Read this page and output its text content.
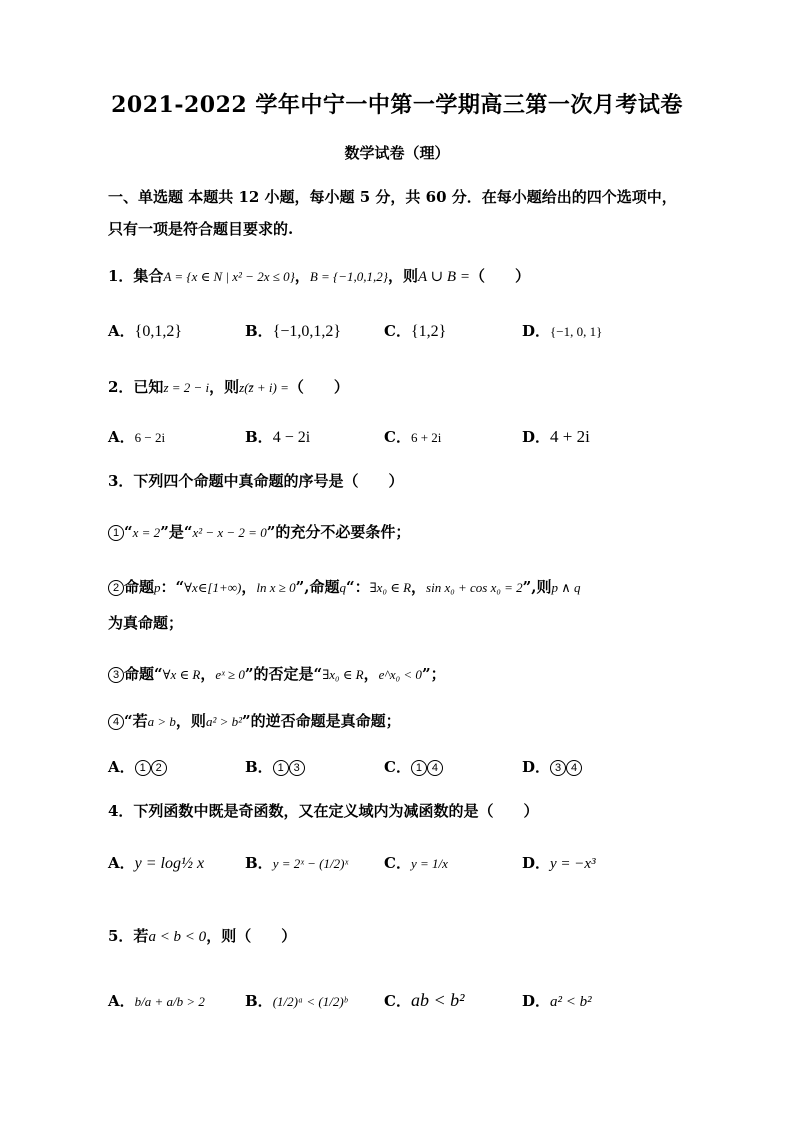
2021-2022 学年中宁一中第一学期高三第一次月考试卷
数学试卷（理）
一、单选题 本题共 12 小题，每小题 5 分，共 60 分．在每小题给出的四个选项中，
只有一项是符合题目要求的.
1．集合A = {x ∈ N | x² − 2x ≤ 0}，B = {−1,0,1,2}，则A ∪ B =（　　）
A．{0,1,2}	B．{−1,0,1,2}	C．{1,2}	D．{−1, 0, 1}
2．已知z = 2 − i，则z(z̄ + i) =（　　）
A．6 − 2i	B．4 − 2i	C．6 + 2i	D．4 + 2i
3．下列四个命题中真命题的序号是（　　）
1 “x = 2”是“x² − x − 2 = 0”的充分不必要条件；
2 命题p：“∀x∈[1+∞)，ln x ≥ 0”,命题q“：∃x₀ ∈ R，sin x₀ + cos x₀ = 2”,则p ∧ q
为真命题；
3 命题“∀x ∈ R，eˣ ≥ 0”的否定是“∃x₀ ∈ R，e^x₀ < 0”；
4 “若a > b，则a² > b²”的逆否命题是真命题；
A． 1 2	B． 1 3	C． 1 4	D． 3 4
4．下列函数中既是奇函数，又在定义域内为减函数的是（　　）
A．y = log½ x	B．y = 2ˣ − (1/2)ˣ C．y = 1/x	D．y = −x³
5．若a < b < 0，则（　　）
A．b/a + a/b > 2	B．(1/2)ᵃ < (1/2)ᵇ C．ab < b²	D．a² < b²
